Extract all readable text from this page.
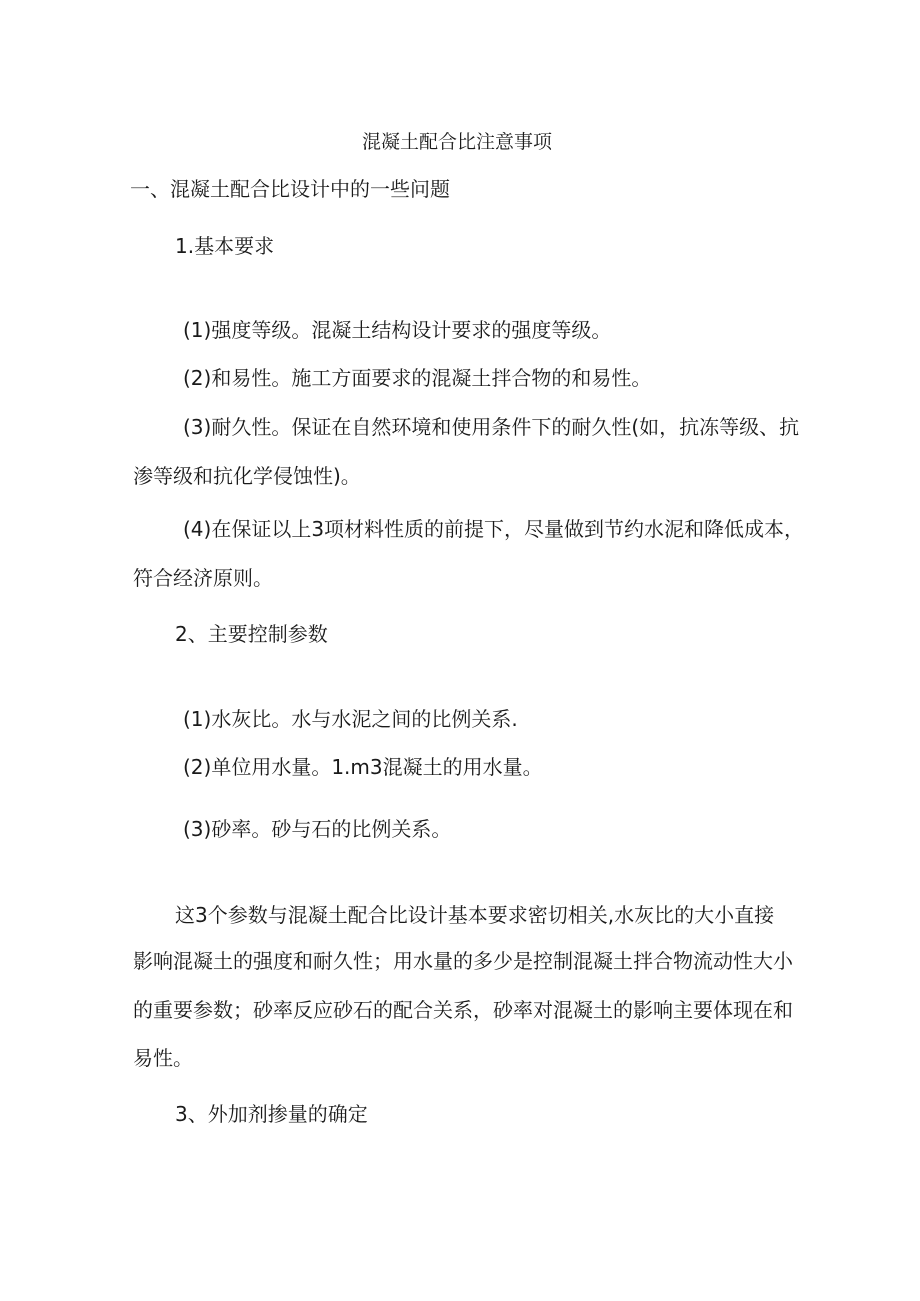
混凝土配合比注意事项
一、混凝土配合比设计中的一些问题
1.基本要求
(1)强度等级。混凝土结构设计要求的强度等级。
(2)和易性。施工方面要求的混凝土拌合物的和易性。
(3)耐久性。保证在自然环境和使用条件下的耐久性(如，抗冻等级、抗
渗等级和抗化学侵蚀性)。
(4)在保证以上3项材料性质的前提下，尽量做到节约水泥和降低成本，
符合经济原则。
2、主要控制参数
(1)水灰比。水与水泥之间的比例关系.
(2)单位用水量。1.m3混凝土的用水量。
(3)砂率。砂与石的比例关系。
这3个参数与混凝土配合比设计基本要求密切相关,水灰比的大小直接
影响混凝土的强度和耐久性；用水量的多少是控制混凝土拌合物流动性大小
的重要参数；砂率反应砂石的配合关系，砂率对混凝土的影响主要体现在和
易性。
3、外加剂掺量的确定
